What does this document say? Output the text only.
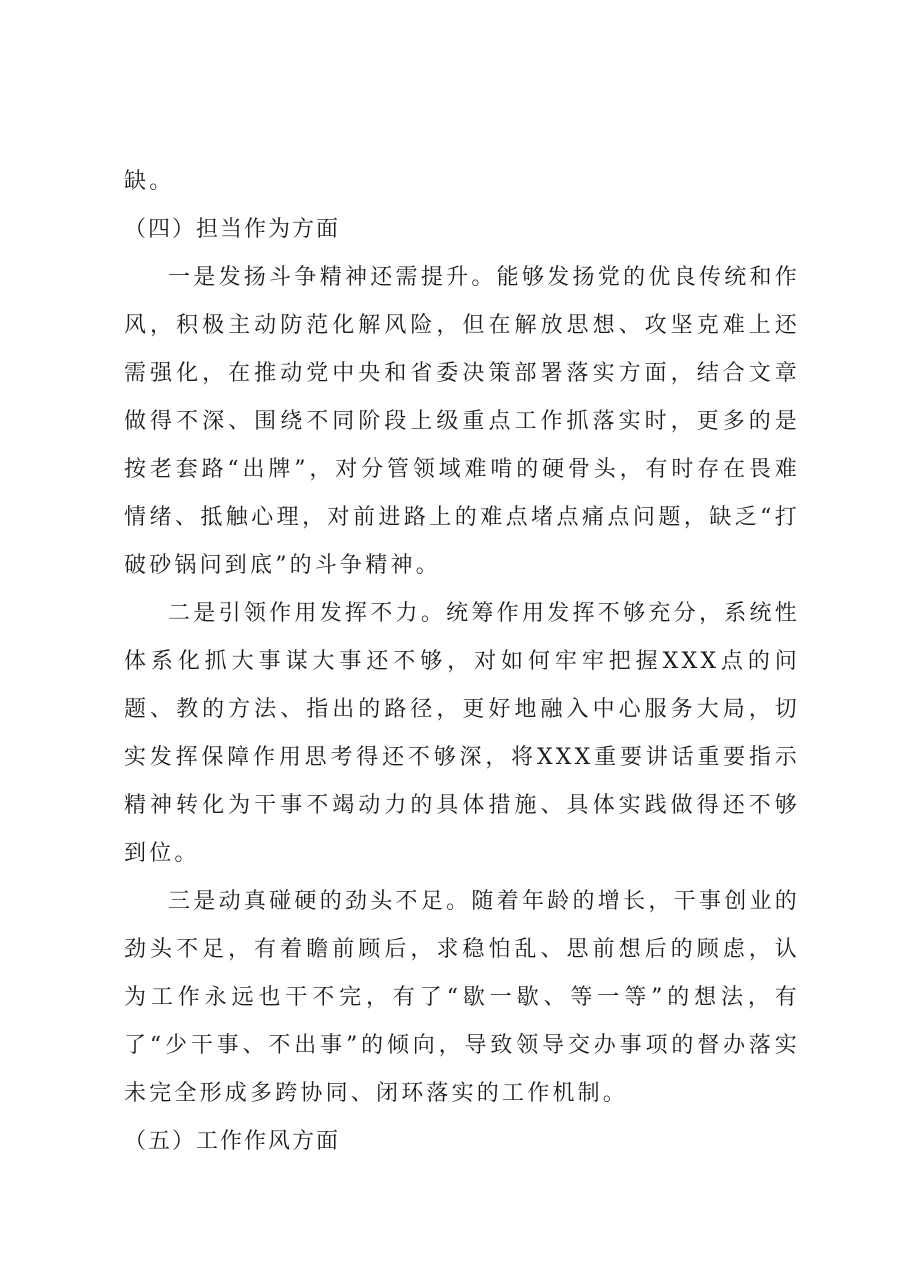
缺。

（四）担当作为方面

一是发扬斗争精神还需提升。能够发扬党的优良传统和作风，积极主动防范化解风险，但在解放思想、攻坚克难上还需强化，在推动党中央和省委决策部署落实方面，结合文章做得不深、围绕不同阶段上级重点工作抓落实时，更多的是按老套路“出牌”，对分管领域难啃的硬骨头，有时存在畏难情绪、抵触心理，对前进路上的难点堵点痛点问题，缺乏“打破砂锅问到底”的斗争精神。

二是引领作用发挥不力。统筹作用发挥不够充分，系统性体系化抓大事谋大事还不够，对如何牢牢把握XXX点的问题、教的方法、指出的路径，更好地融入中心服务大局，切实发挥保障作用思考得还不够深，将XXX重要讲话重要指示精神转化为干事不竭动力的具体措施、具体实践做得还不够到位。

三是动真碰硬的劲头不足。随着年龄的增长，干事创业的劲头不足，有着瞻前顾后，求稳怕乱、思前想后的顾虑，认为工作永远也干不完，有了“歇一歇、等一等”的想法，有了“少干事、不出事”的倾向，导致领导交办事项的督办落实未完全形成多跨协同、闭环落实的工作机制。

（五）工作作风方面
